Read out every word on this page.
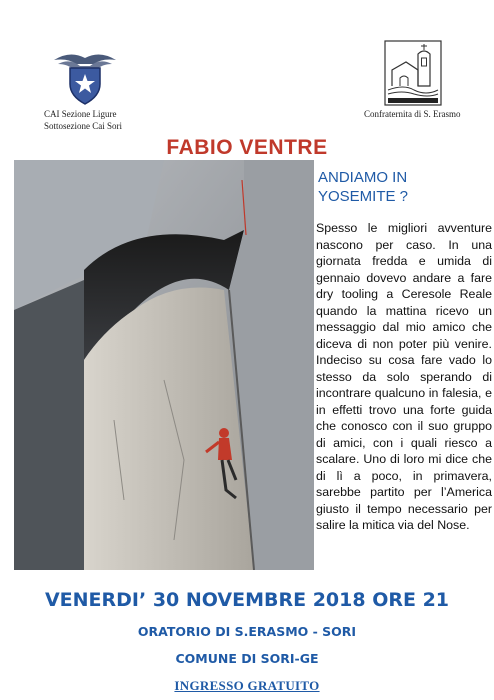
CAI Sezione Ligure
Sottosezione Cai Sori
Confraternita di S. Erasmo
FABIO VENTRE
ANDIAMO IN
YOSEMITE ?
Spesso le migliori avventure nascono per caso. In una giornata fredda e umida di gennaio dovevo andare a fare dry tooling a Ceresole Reale quando la mattina ricevo un messaggio dal mio amico che diceva di non poter più venire. Indeciso su cosa fare vado lo stesso da solo sperando di incontrare qualcuno in falesia, e in effetti trovo una forte guida che conosco con il suo gruppo di amici, con i quali riesco a scalare. Uno di loro mi dice che di lì a poco, in primavera, sarebbe partito per l’America giusto il tempo necessario per salire la mitica via del Nose.
VENERDI’ 30 NOVEMBRE 2018 ORE 21
ORATORIO DI S.ERASMO - SORI
COMUNE DI SORI-GE
INGRESSO GRATUITO
